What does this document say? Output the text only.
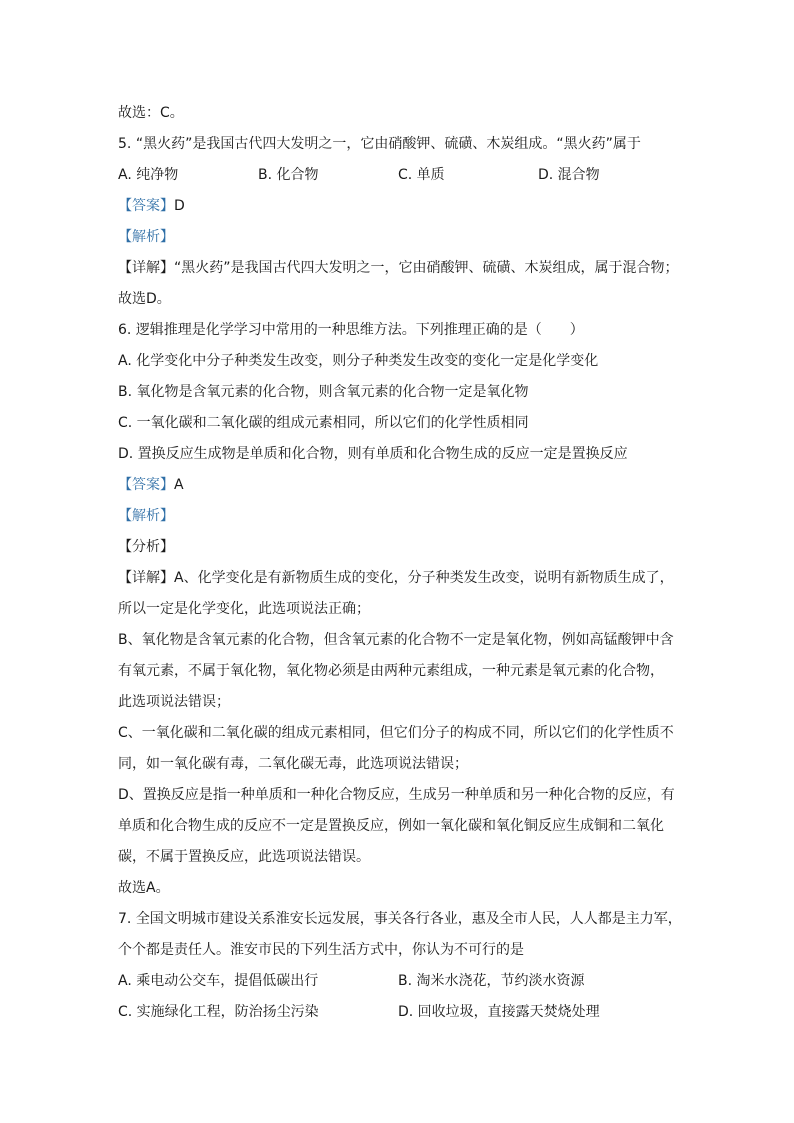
故选：C。
5. “黑火药”是我国古代四大发明之一，它由硝酸钾、硫磺、木炭组成。“黑火药”属于
A. 纯净物	B. 化合物	C. 单质	D. 混合物
【答案】D
【解析】
【详解】“黑火药”是我国古代四大发明之一，它由硝酸钾、硫磺、木炭组成，属于混合物；
故选D。
6. 逻辑推理是化学学习中常用的一种思维方法。下列推理正确的是（　　）
A. 化学变化中分子种类发生改变，则分子种类发生改变的变化一定是化学变化
B. 氧化物是含氧元素的化合物，则含氧元素的化合物一定是氧化物
C. 一氧化碳和二氧化碳的组成元素相同，所以它们的化学性质相同
D. 置换反应生成物是单质和化合物，则有单质和化合物生成的反应一定是置换反应
【答案】A
【解析】
【分析】
【详解】A、化学变化是有新物质生成的变化，分子种类发生改变，说明有新物质生成了，
所以一定是化学变化，此选项说法正确；
B、氧化物是含氧元素的化合物，但含氧元素的化合物不一定是氧化物，例如高锰酸钾中含
有氧元素，不属于氧化物，氧化物必须是由两种元素组成，一种元素是氧元素的化合物，
此选项说法错误；
C、一氧化碳和二氧化碳的组成元素相同，但它们分子的构成不同，所以它们的化学性质不
同，如一氧化碳有毒，二氧化碳无毒，此选项说法错误；
D、置换反应是指一种单质和一种化合物反应，生成另一种单质和另一种化合物的反应，有
单质和化合物生成的反应不一定是置换反应，例如一氧化碳和氧化铜反应生成铜和二氧化
碳，不属于置换反应，此选项说法错误。
故选A。
7. 全国文明城市建设关系淮安长远发展，事关各行各业，惠及全市人民，人人都是主力军，
个个都是责任人。淮安市民的下列生活方式中，你认为不可行的是
A. 乘电动公交车，提倡低碳出行	B. 淘米水浇花，节约淡水资源
C. 实施绿化工程，防治扬尘污染	D. 回收垃圾，直接露天焚烧处理
